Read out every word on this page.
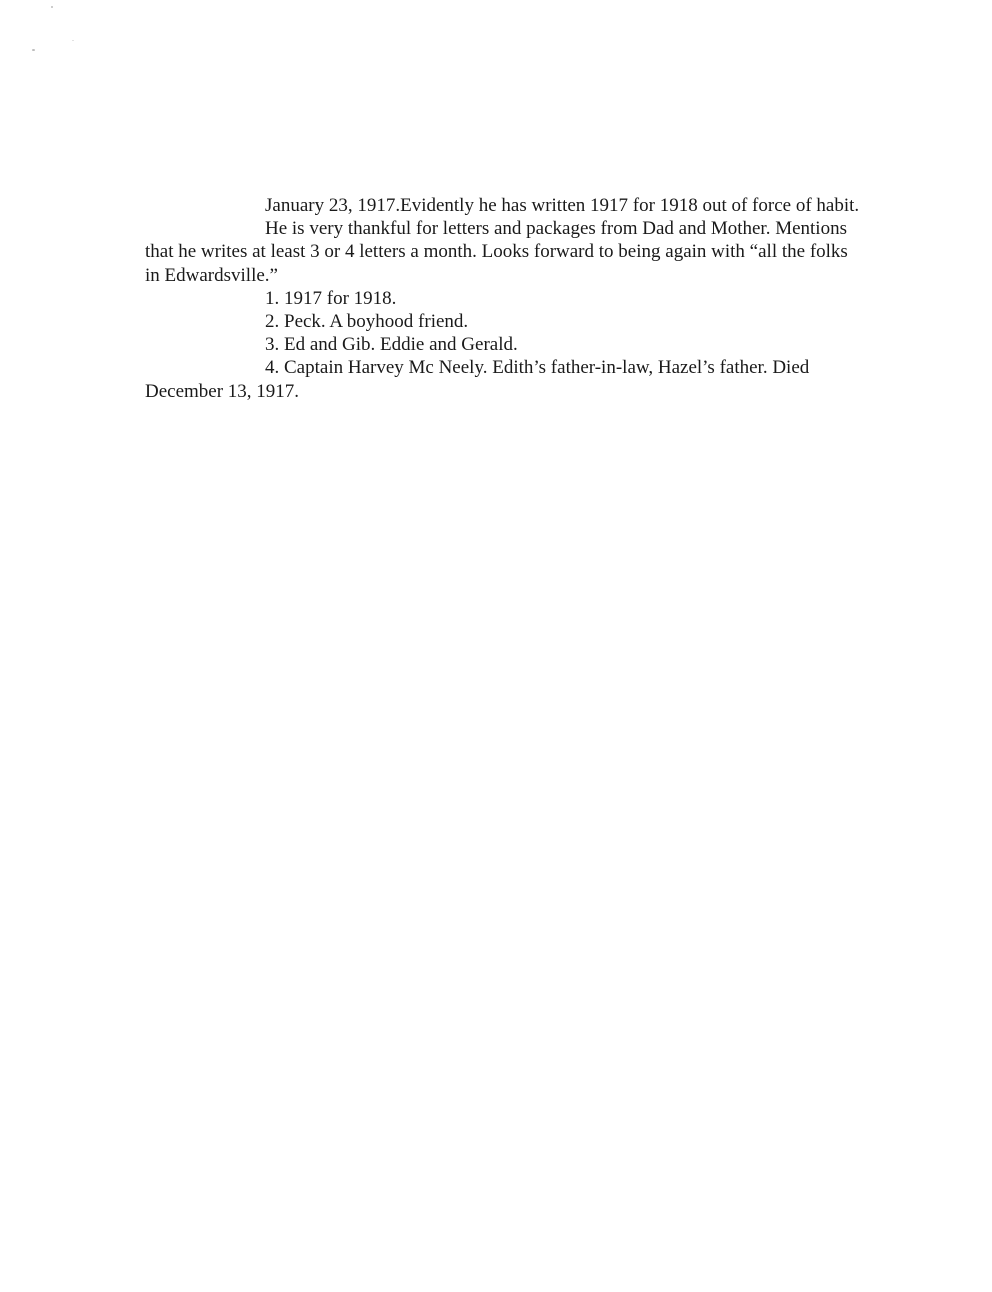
January 23, 1917.Evidently he has written 1917 for 1918 out of force of habit.

He is very thankful for letters and packages from Dad and Mother. Mentions that he writes at least 3 or 4 letters a month. Looks forward to being again with “all the folks in Edwardsville.”

1. 1917 for 1918.

2. Peck. A boyhood friend.

3. Ed and Gib. Eddie and Gerald.

4. Captain Harvey Mc Neely. Edith’s father-in-law, Hazel’s father. Died December 13, 1917.
